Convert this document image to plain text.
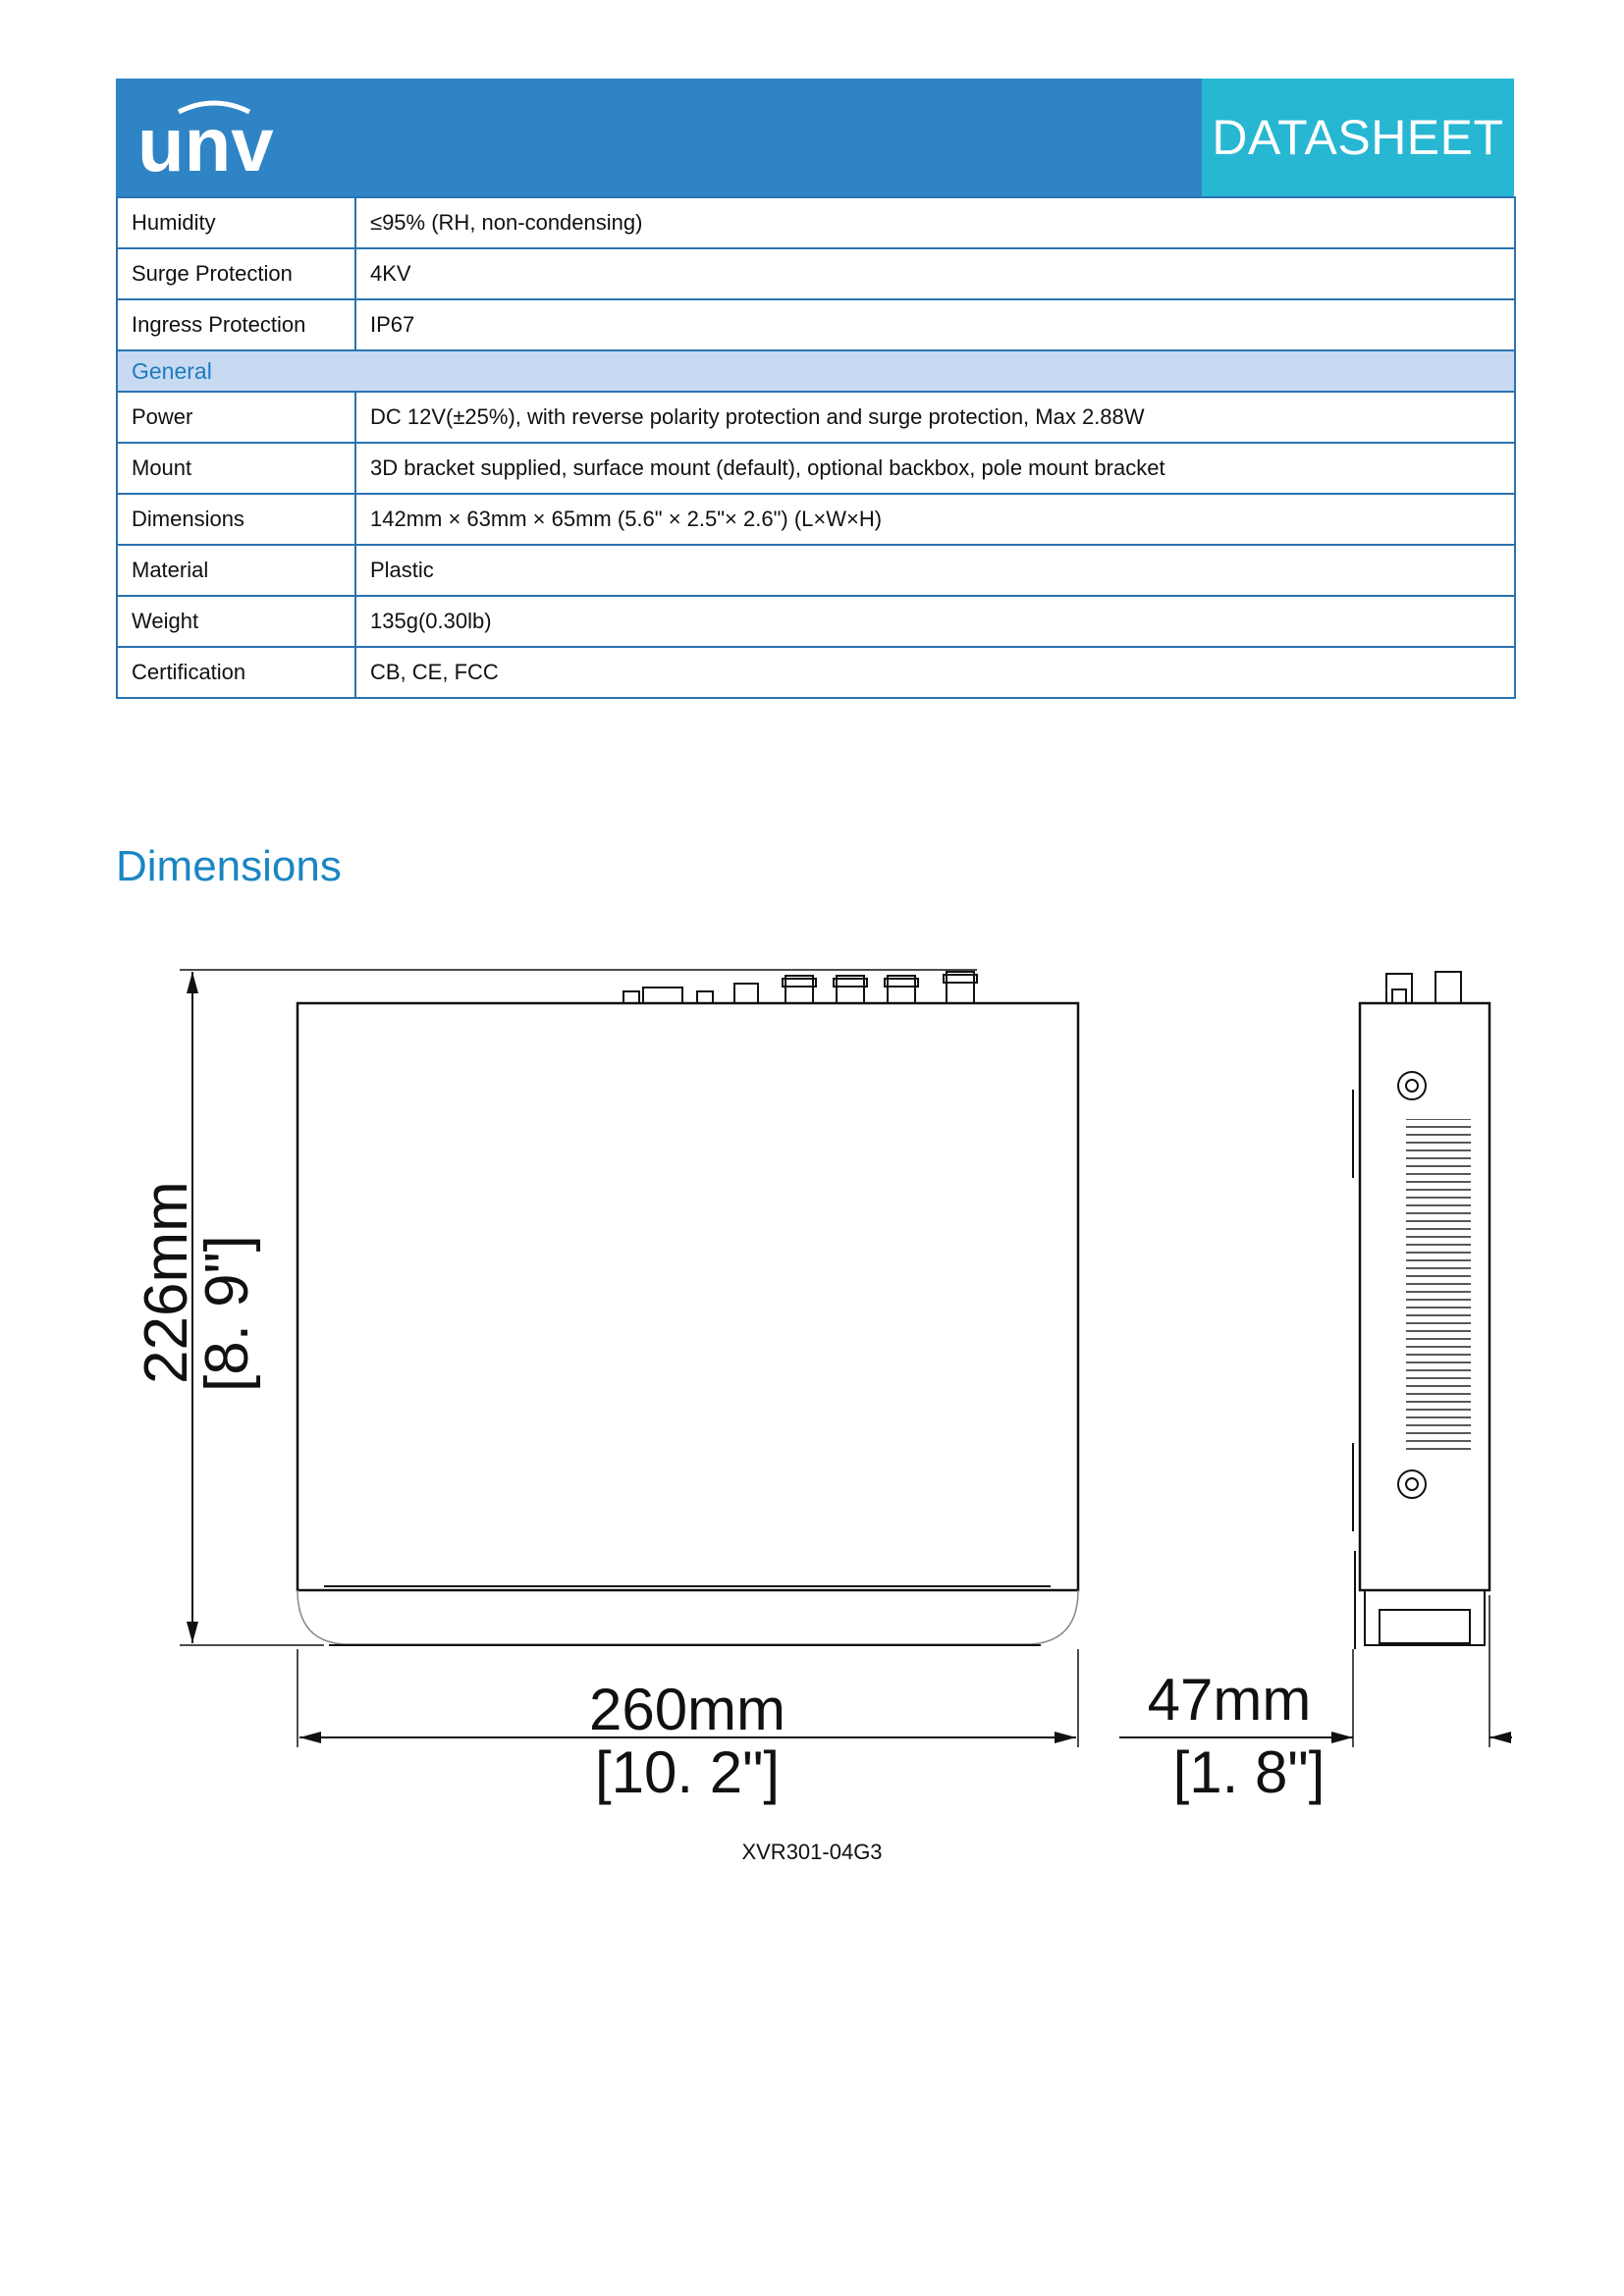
unv	DATASHEET
Humidity	≤95% (RH, non-condensing)
Surge Protection	4KV
Ingress Protection	IP67
General	
Power	DC 12V(±25%), with reverse polarity protection and surge protection, Max 2.88W
Mount	3D bracket supplied, surface mount (default), optional backbox, pole mount bracket
Dimensions	142mm × 63mm × 65mm (5.6" × 2.5"× 2.6") (L×W×H)
Material	Plastic
Weight	135g(0.30lb)
Certification	CB, CE, FCC
Dimensions
226mm
[8. 9"]
260mm
[10. 2"]
47mm
[1. 8"]
XVR301-04G3
